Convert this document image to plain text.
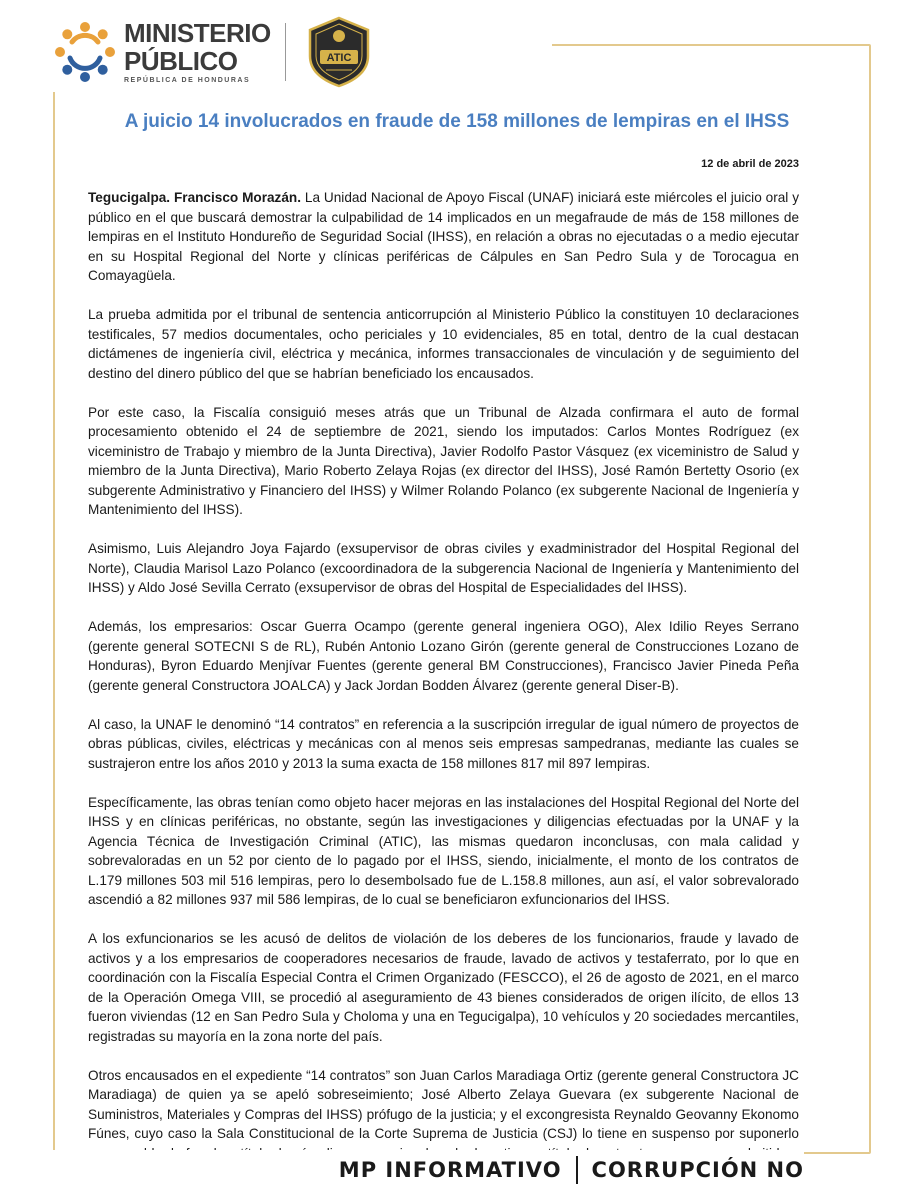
MINISTERIO
PÚBLICO
REPÚBLICA DE HONDURAS
ATIC
A juicio 14 involucrados en fraude de 158 millones de lempiras en el IHSS
12 de abril de 2023

Tegucigalpa. Francisco Morazán. La Unidad Nacional de Apoyo Fiscal (UNAF) iniciará este miércoles el juicio oral y público en el que buscará demostrar la culpabilidad de 14 implicados en un megafraude de más de 158 millones de lempiras en el Instituto Hondureño de Seguridad Social (IHSS), en relación a obras no ejecutadas o a medio ejecutar en su Hospital Regional del Norte y clínicas periféricas de Cálpules en San Pedro Sula y de Torocagua en Comayagüela.

La prueba admitida por el tribunal de sentencia anticorrupción al Ministerio Público la constituyen 10 declaraciones testificales, 57 medios documentales, ocho periciales y 10 evidenciales, 85 en total, dentro de la cual destacan dictámenes de ingeniería civil, eléctrica y mecánica, informes transaccionales de vinculación y de seguimiento del destino del dinero público del que se habrían beneficiado los encausados.

Por este caso, la Fiscalía consiguió meses atrás que un Tribunal de Alzada confirmara el auto de formal procesamiento obtenido el 24 de septiembre de 2021, siendo los imputados: Carlos Montes Rodríguez (ex viceministro de Trabajo y miembro de la Junta Directiva), Javier Rodolfo Pastor Vásquez (ex viceministro de Salud y miembro de la Junta Directiva), Mario Roberto Zelaya Rojas (ex director del IHSS), José Ramón Bertetty Osorio (ex subgerente Administrativo y Financiero del IHSS) y Wilmer Rolando Polanco (ex subgerente Nacional de Ingeniería y Mantenimiento del IHSS).

Asimismo, Luis Alejandro Joya Fajardo (exsupervisor de obras civiles y exadministrador del Hospital Regional del Norte), Claudia Marisol Lazo Polanco (excoordinadora de la subgerencia Nacional de Ingeniería y Mantenimiento del IHSS) y Aldo José Sevilla Cerrato (exsupervisor de obras del Hospital de Especialidades del IHSS).

Además, los empresarios: Oscar Guerra Ocampo (gerente general ingeniera OGO), Alex Idilio Reyes Serrano (gerente general SOTECNI S de RL), Rubén Antonio Lozano Girón (gerente general de Construcciones Lozano de Honduras), Byron Eduardo Menjívar Fuentes (gerente general BM Construcciones), Francisco Javier Pineda Peña (gerente general Constructora JOALCA) y Jack Jordan Bodden Álvarez (gerente general Diser-B).

Al caso, la UNAF le denominó “14 contratos” en referencia a la suscripción irregular de igual número de proyectos de obras públicas, civiles, eléctricas y mecánicas con al menos seis empresas sampedranas, mediante las cuales se sustrajeron entre los años 2010 y 2013 la suma exacta de 158 millones 817 mil 897 lempiras.

Específicamente, las obras tenían como objeto hacer mejoras en las instalaciones del Hospital Regional del Norte del IHSS y en clínicas periféricas, no obstante, según las investigaciones y diligencias efectuadas por la UNAF y la Agencia Técnica de Investigación Criminal (ATIC), las mismas quedaron inconclusas, con mala calidad y sobrevaloradas en un 52 por ciento de lo pagado por el IHSS, siendo, inicialmente, el monto de los contratos de L.179 millones 503 mil 516 lempiras, pero lo desembolsado fue de L.158.8 millones, aun así, el valor sobrevalorado ascendió a 82 millones 937 mil 586 lempiras, de lo cual se beneficiaron exfuncionarios del IHSS.

A los exfuncionarios se les acusó de delitos de violación de los deberes de los funcionarios, fraude y lavado de activos y a los empresarios de cooperadores necesarios de fraude, lavado de activos y testaferrato, por lo que en coordinación con la Fiscalía Especial Contra el Crimen Organizado (FESCCO), el 26 de agosto de 2021, en el marco de la Operación Omega VIII, se procedió al aseguramiento de 43 bienes considerados de origen ilícito, de ellos 13 fueron viviendas (12 en San Pedro Sula y Choloma y una en Tegucigalpa), 10 vehículos y 20 sociedades mercantiles, registradas su mayoría en la zona norte del país.

Otros encausados en el expediente “14 contratos” son Juan Carlos Maradiaga Ortiz (gerente general Constructora JC Maradiaga) de quien ya se apeló sobreseimiento; José Alberto Zelaya Guevara (ex subgerente Nacional de Suministros, Materiales y Compras del IHSS) prófugo de la justicia; y el excongresista Reynaldo Geovanny Ekonomo Fúnes, cuyo caso la Sala Constitucional de la Corte Suprema de Justicia (CSJ) lo tiene en suspenso por suponerlo

MP INFORMATIVO CORRUPCIÓN NO
